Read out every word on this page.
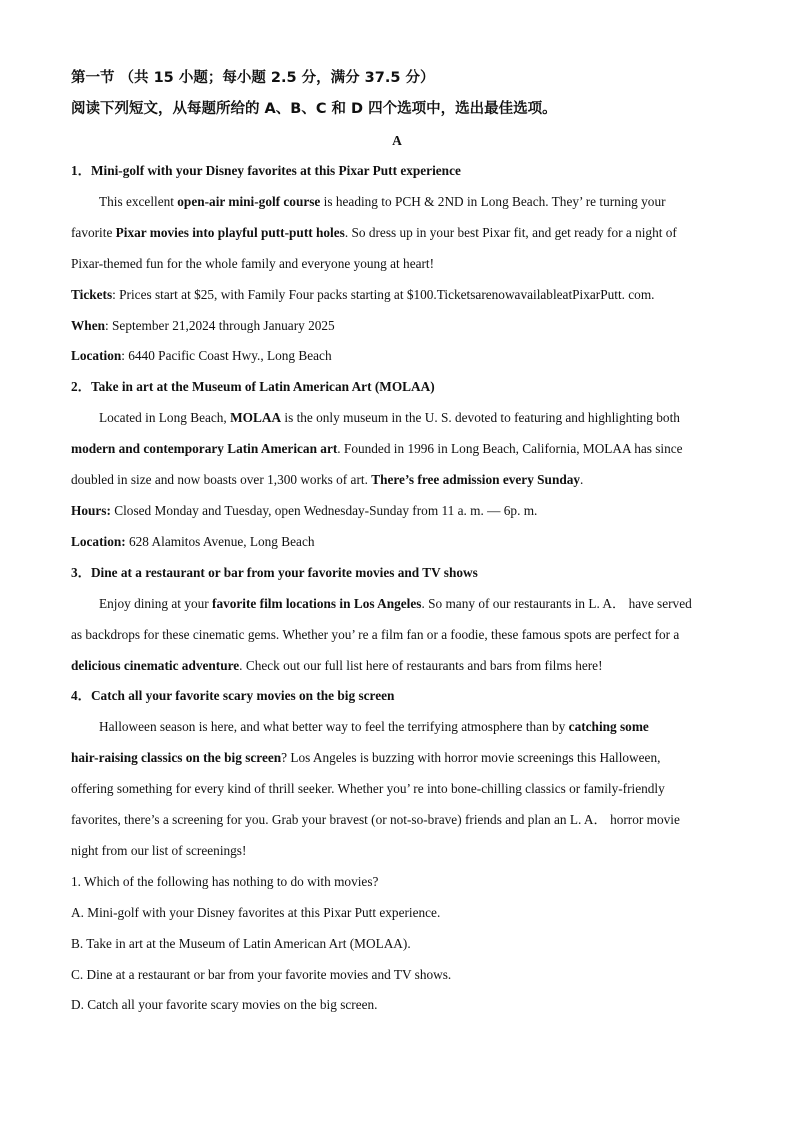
第一节 （共 15 小题；每小题 2.5 分，满分 37.5 分）
阅读下列短文，从每题所给的 A、B、C 和 D 四个选项中，选出最佳选项。
A
1．Mini-golf with your Disney favorites at this Pixar Putt experience
This excellent open-air mini-golf course is heading to PCH & 2ND in Long Beach. They’ re turning your
favorite Pixar movies into playful putt-putt holes. So dress up in your best Pixar fit, and get ready for a night of
Pixar-themed fun for the whole family and everyone young at heart!
Tickets: Prices start at $25, with Family Four packs starting at $100.TicketsarenowavailableatPixarPutt. com.
When: September 21,2024 through January 2025
Location: 6440 Pacific Coast Hwy., Long Beach
2．Take in art at the Museum of Latin American Art (MOLAA)
Located in Long Beach, MOLAA is the only museum in the U. S. devoted to featuring and highlighting both
modern and contemporary Latin American art. Founded in 1996 in Long Beach, California, MOLAA has since
doubled in size and now boasts over 1,300 works of art. There’s free admission every Sunday.
Hours: Closed Monday and Tuesday, open Wednesday-Sunday from 11 a. m. — 6p. m.
Location: 628 Alamitos Avenue, Long Beach
3．Dine at a restaurant or bar from your favorite movies and TV shows
Enjoy dining at your favorite film locations in Los Angeles. So many of our restaurants in L. A． have served
as backdrops for these cinematic gems. Whether you’ re a film fan or a foodie, these famous spots are perfect for a
delicious cinematic adventure. Check out our full list here of restaurants and bars from films here!
4．Catch all your favorite scary movies on the big screen
Halloween season is here, and what better way to feel the terrifying atmosphere than by catching some
hair-raising classics on the big screen? Los Angeles is buzzing with horror movie screenings this Halloween,
offering something for every kind of thrill seeker. Whether you’ re into bone-chilling classics or family-friendly
favorites, there’s a screening for you. Grab your bravest (or not-so-brave) friends and plan an L. A． horror movie
night from our list of screenings!
1. Which of the following has nothing to do with movies?
A. Mini-golf with your Disney favorites at this Pixar Putt experience.
B. Take in art at the Museum of Latin American Art (MOLAA).
C. Dine at a restaurant or bar from your favorite movies and TV shows.
D. Catch all your favorite scary movies on the big screen.
